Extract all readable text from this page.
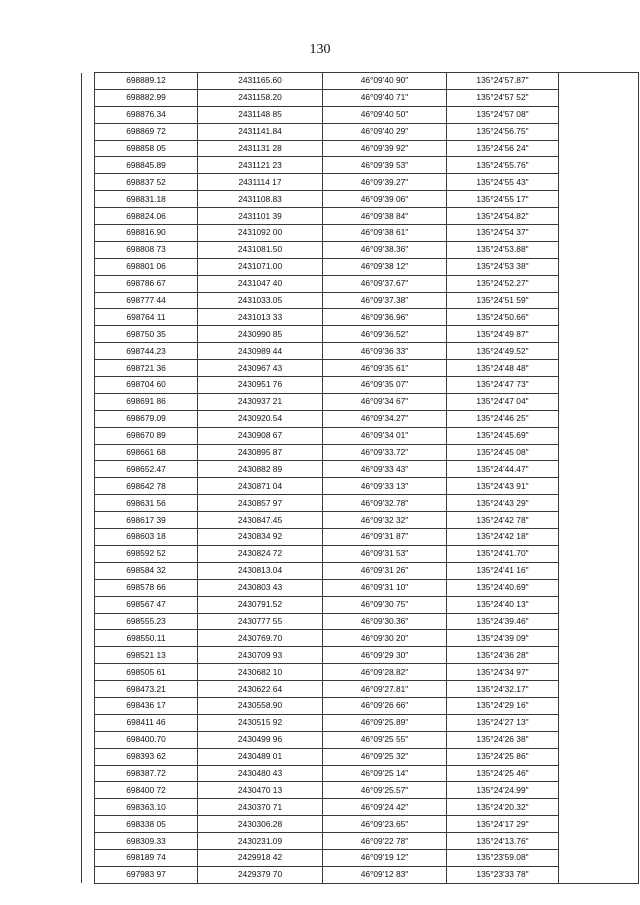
130
	698889.12	2431165.60	46°09'40 90"	135°24'57.87"	
	698882.99	2431158.20	46°09'40 71"	135°24'57 52"	
	698876.34	2431148 85	46°09'40 50"	135°24'57 08"	
	698869 72	2431141.84	46°09'40 29"	135°24'56.75"	
	698858 05	2431131 28	46°09'39 92"	135°24'56 24"	
	698845.89	2431121 23	46°09'39 53"	135°24'55.76"	
	698837 52	2431114 17	46°09'39.27"	135°24'55 43"	
	698831.18	2431108.83	46°09'39 06"	135°24'55 17"	
	698824.06	2431101 39	46°09'38 84"	135°24'54.82"	
	698816.90	2431092 00	46°09'38 61"	135°24'54 37"	
	698808 73	2431081.50	46°09'38.36"	135°24'53.88"	
	698801 06	2431071.00	46°09'38 12"	135°24'53 38"	
	698786 67	2431047 40	46°09'37.67"	135°24'52.27"	
	698777 44	2431033.05	46°09'37.38"	135°24'51 59"	
	698764 11	2431013 33	46°09'36.96"	135°24'50.66"	
	698750 35	2430990 85	46°09'36.52"	135°24'49 87"	
	698744.23	2430989 44	46°09'36 33"	135°24'49.52"	
	698721 36	2430967 43	46°09'35 61"	135°24'48 48"	
	698704 60	2430951 76	46°09'35 07"	135°24'47 73"	
	698691 86	2430937 21	46°09'34 67"	135°24'47 04"	
	698679.09	2430920.54	46°09'34.27"	135°24'46 25"	
	698670 89	2430908 67	46°09'34 01"	135°24'45.69"	
	698661 68	2430895 87	46°09'33.72"	135°24'45 08"	
	698652.47	2430882 89	46°09'33 43"	135°24'44.47"	
	698642 78	2430871 04	46°09'33 13"	135°24'43 91"	
	698631 56	2430857 97	46°09'32.78"	135°24'43 29"	
	698617 39	2430847.45	46°09'32 32"	135°24'42 78"	
	698603 18	2430834 92	46°09'31 87"	135°24'42 18"	
	698592 52	2430824 72	46°09'31 53"	135°24'41.70"	
	698584 32	2430813.04	46°09'31 26"	135°24'41 16"	
	698578 66	2430803 43	46°09'31 10"	135°24'40.69"	
	698567 47	2430791.52	46°09'30 75"	135°24'40 13"	
	698555.23	2430777 55	46°09'30.36"	135°24'39.46"	
	698550.11	2430769.70	46°09'30 20"	135°24'39 09"	
	698521 13	2430709 93	46°09'29 30"	135°24'36 28"	
	698505 61	2430682 10	46°09'28.82"	135°24'34 97"	
	698473.21	2430622 64	46°09'27.81"	135°24'32.17"	
	698436 17	2430558.90	46°09'26 66"	135°24'29 16"	
	698411 46	2430515 92	46°09'25.89"	135°24'27 13"	
	698400.70	2430499 96	46°09'25 55"	135°24'26 38"	
	698393 62	2430489 01	46°09'25 32"	135°24'25 86"	
	698387.72	2430480 43	46°09'25 14"	135°24'25 46"	
	698400 72	2430470 13	46°09'25.57"	135°24'24.99"	
	698363.10	2430370 71	46°09'24 42"	135°24'20.32"	
	698338 05	2430306.28	46°09'23.65"	135°24'17 29"	
	698309.33	2430231.09	46°09'22 78"	135°24'13.76"	
	698189 74	2429918 42	46°09'19 12"	135°23'59.08"	
	697983 97	2429379 70	46°09'12 83"	135°23'33 78"	
